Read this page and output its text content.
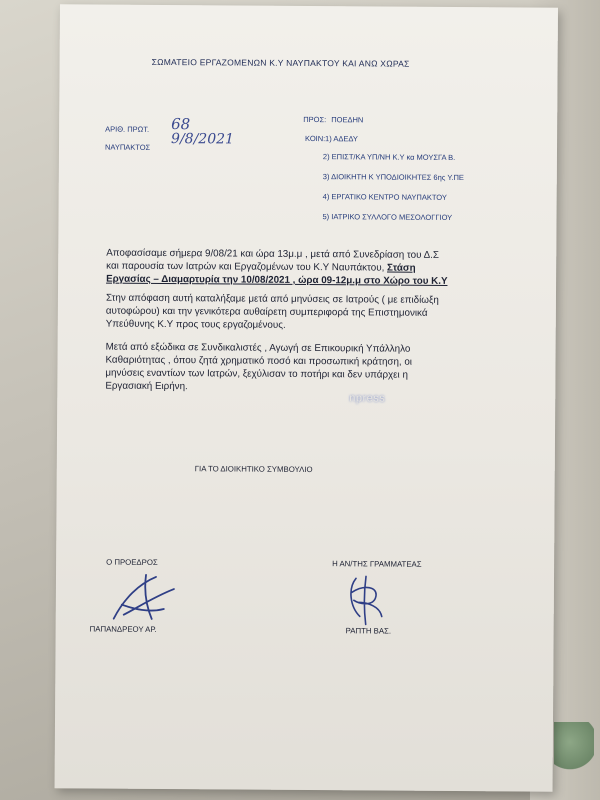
ΣΩΜΑΤΕΙΟ ΕΡΓΑΖΟΜΕΝΩΝ Κ.Υ ΝΑΥΠΑΚΤΟΥ ΚΑΙ ΑΝΩ ΧΩΡΑΣ
ΑΡΙΘ. ΠΡΩΤ. 68
ΝΑΥΠΑΚΤΟΣ 9/8/2021
ΠΡΟΣ: ΠΟΕΔΗΝ
ΚΟΙΝ: 1) ΑΔΕΔΥ
2) ΕΠΙΣΤ/ΚΑ ΥΠ/ΝΗ Κ.Υ κα ΜΟΥΣΓΑ Β.
3) ΔΙΟΙΚΗΤΗ Κ ΥΠΟΔΙΟΙΚΗΤΕΣ 6ης Υ.ΠΕ
4) ΕΡΓΑΤΙΚΟ ΚΕΝΤΡΟ ΝΑΥΠΑΚΤΟΥ
5) ΙΑΤΡΙΚΟ ΣΥΛΛΟΓΟ ΜΕΣΟΛΟΓΓΙΟΥ
Αποφασίσαμε σήμερα 9/08/21 και ώρα 13μ.μ , μετά από Συνεδρίαση του Δ.Σ
και παρουσία των Ιατρών και Εργαζομένων του Κ.Υ Ναυπάκτου, Στάση
Εργασίας – Διαμαρτυρία την 10/08/2021 , ώρα 09-12μ.μ στο Χώρο του Κ.Υ
Στην απόφαση αυτή καταλήξαμε μετά από μηνύσεις σε Ιατρούς ( με επιδίωξη
αυτοφώρου) και την γενικότερα αυθαίρετη συμπεριφορά της Επιστημονικά
Υπεύθυνης Κ.Υ προς τους εργαζομένους.
Μετά από εξώδικα σε Συνδικαλιστές , Αγωγή σε Επικουρική Υπάλληλο
Καθαριότητας , όπου ζητά χρηματικό ποσό και προσωπική κράτηση, οι
μηνύσεις εναντίων των Ιατρών, ξεχύλισαν το ποτήρι και δεν υπάρχει η
Εργασιακή Ειρήνη.
npress
ΓΙΑ ΤΟ ΔΙΟΙΚΗΤΙΚΟ ΣΥΜΒΟΥΛΙΟ
Ο ΠΡΟΕΔΡΟΣ
ΠΑΠΑΝΔΡΕΟΥ ΑΡ.
Η ΑΝ/ΤΗΣ ΓΡΑΜΜΑΤΕΑΣ
ΡΑΠΤΗ ΒΑΣ.
